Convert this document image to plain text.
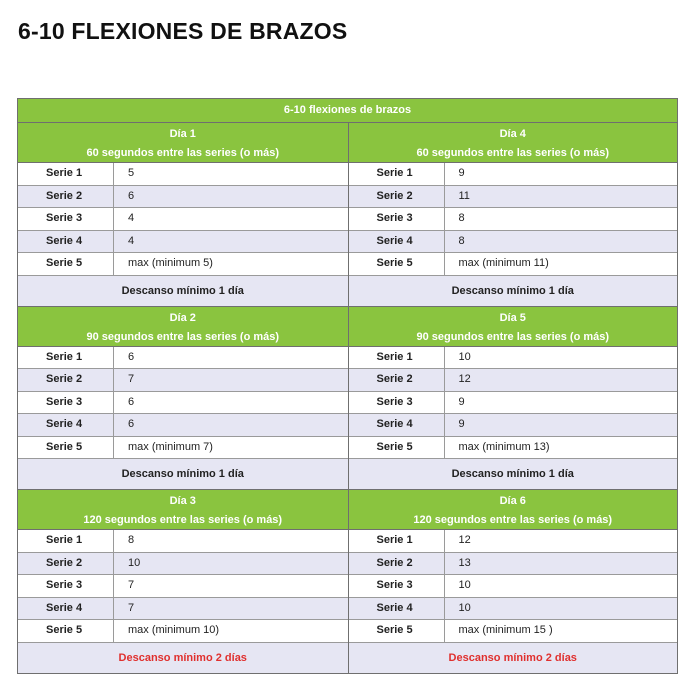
6-10 FLEXIONES DE BRAZOS
6-10 flexiones de brazos
Día 1
60 segundos entre las series (o más)
Serie 1	5
Serie 2	6
Serie 3	4
Serie 4	4
Serie 5	max (minimum 5)
Descanso mínimo 1 día
Día 4
60 segundos entre las series (o más)
Serie 1	9
Serie 2	11
Serie 3	8
Serie 4	8
Serie 5	max (minimum 11)
Descanso mínimo 1 día
Día 2
90 segundos entre las series (o más)
Serie 1	6
Serie 2	7
Serie 3	6
Serie 4	6
Serie 5	max (minimum 7)
Descanso mínimo 1 día
Día 5
90 segundos entre las series (o más)
Serie 1	10
Serie 2	12
Serie 3	9
Serie 4	9
Serie 5	max (minimum 13)
Descanso mínimo 1 día
Día 3
120 segundos entre las series (o más)
Serie 1	8
Serie 2	10
Serie 3	7
Serie 4	7
Serie 5	max (minimum 10)
Descanso mínimo 2 días
Día 6
120 segundos entre las series (o más)
Serie 1	12
Serie 2	13
Serie 3	10
Serie 4	10
Serie 5	max (minimum 15 )
Descanso mínimo 2 días
